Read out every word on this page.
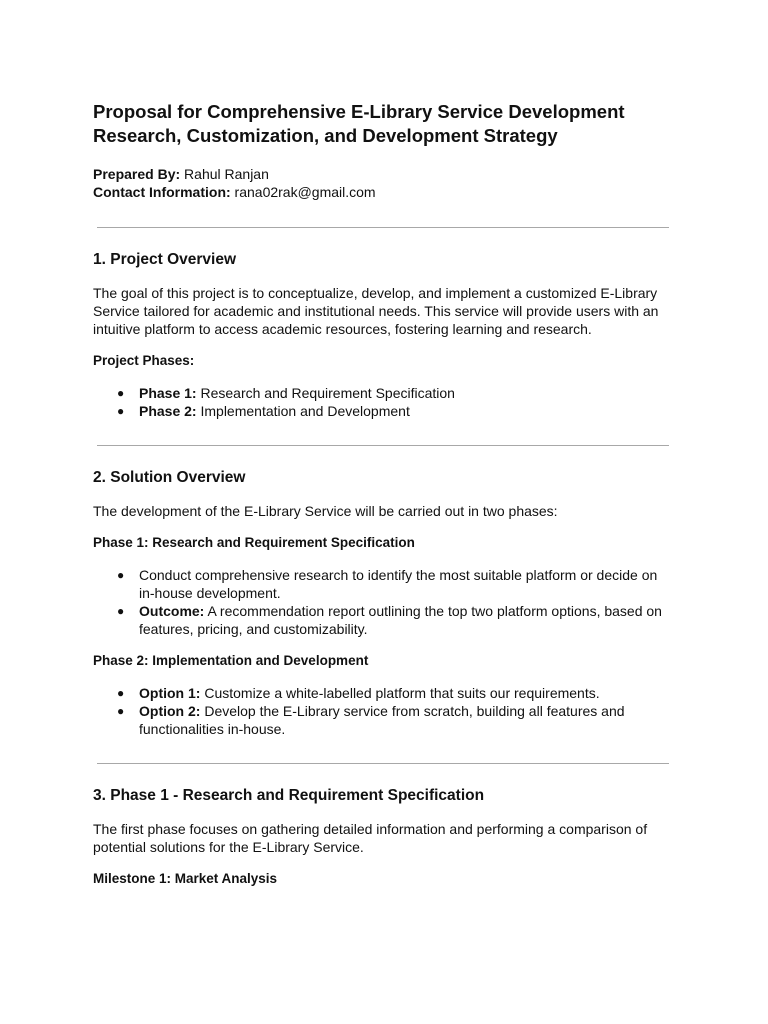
Proposal for Comprehensive E-Library Service Development
Research, Customization, and Development Strategy
Prepared By: Rahul Ranjan
Contact Information: rana02rak@gmail.com
1. Project Overview

The goal of this project is to conceptualize, develop, and implement a customized E-Library Service tailored for academic and institutional needs. This service will provide users with an intuitive platform to access academic resources, fostering learning and research.

Project Phases:
● Phase 1: Research and Requirement Specification
● Phase 2: Implementation and Development
2. Solution Overview

The development of the E-Library Service will be carried out in two phases:

Phase 1: Research and Requirement Specification
● Conduct comprehensive research to identify the most suitable platform or decide on in-house development.
● Outcome: A recommendation report outlining the top two platform options, based on features, pricing, and customizability.
Phase 2: Implementation and Development
● Option 1: Customize a white-labelled platform that suits our requirements.
● Option 2: Develop the E-Library service from scratch, building all features and functionalities in-house.
3. Phase 1 - Research and Requirement Specification

The first phase focuses on gathering detailed information and performing a comparison of potential solutions for the E-Library Service.

Milestone 1: Market Analysis
